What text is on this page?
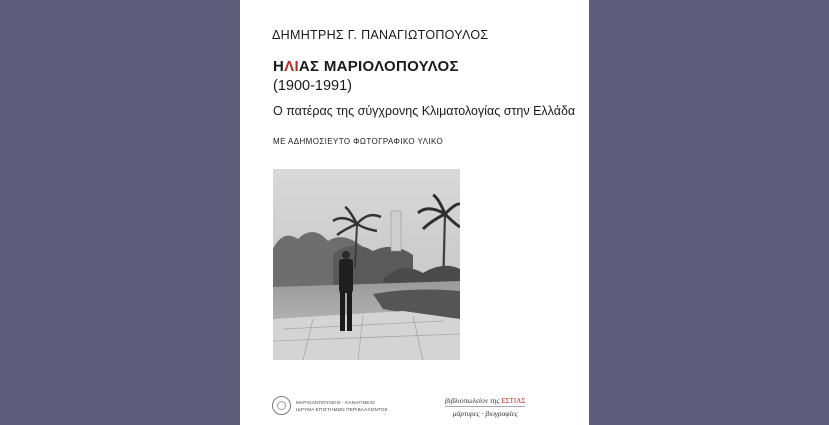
ΔΗΜΗΤΡΗΣ Γ. ΠΑΝΑΓΙΩΤΟΠΟΥΛΟΣ
ΗΛΙΑΣ ΜΑΡΙΟΛΟΠΟΥΛΟΣ
(1900-1991)
Ο πατέρας της σύγχρονης Κλιματολογίας στην Ελλάδα
ΜΕ ΑΔΗΜΟΣΙΕΥΤΟ ΦΩΤΟΓΡΑΦΙΚΟ ΥΛΙΚΟ
ΜΑΡΙΟΛΟΠΟΥΛΕΙΟ - ΚΑΝΑΓΙΝΕΙΟ
ΙΔΡΥΜΑ ΕΠΙΣΤΗΜΩΝ ΠΕΡΙΒΑΛΛΟΝΤΟΣ
βιβλιοπωλείον της ΕΣΤΙΑΣ
μάρτυρες · βιογραφίες
